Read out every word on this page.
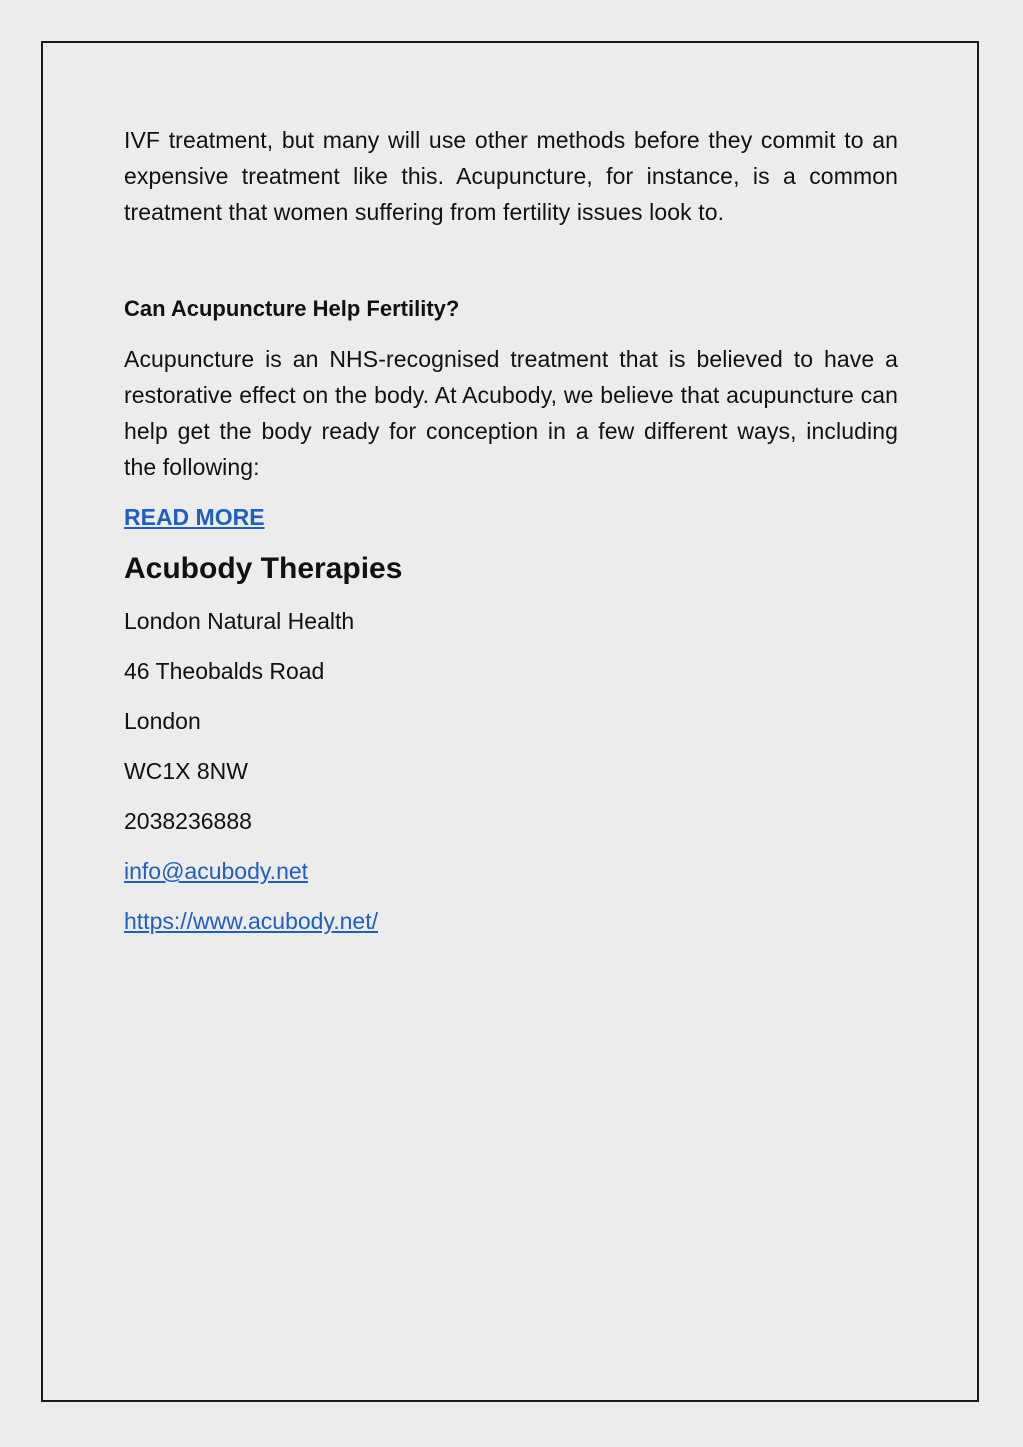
IVF treatment, but many will use other methods before they commit to an expensive treatment like this. Acupuncture, for instance, is a common treatment that women suffering from fertility issues look to.

Can Acupuncture Help Fertility?

Acupuncture is an NHS-recognised treatment that is believed to have a restorative effect on the body. At Acubody, we believe that acupuncture can help get the body ready for conception in a few different ways, including the following:

READ MORE
Acubody Therapies
London Natural Health
46 Theobalds Road
London
WC1X 8NW
2038236888
info@acubody.net
https://www.acubody.net/
